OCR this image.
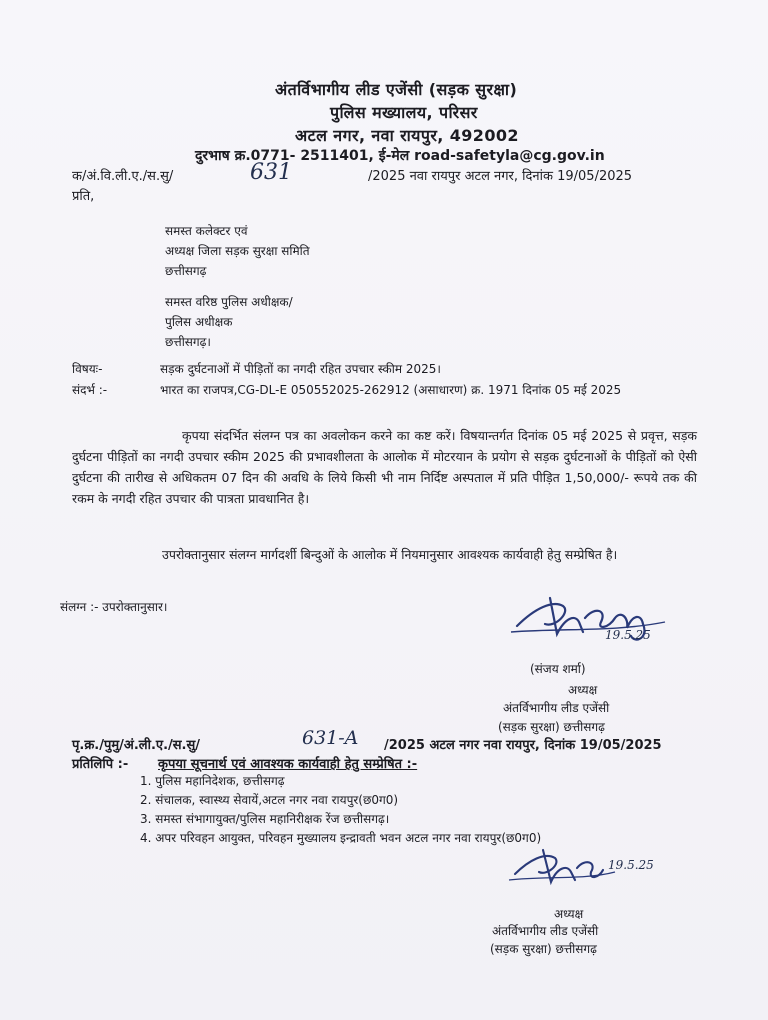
अंतर्विभागीय लीड एजेंसी (सड़क सुरक्षा)
पुलिस मख्यालय, परिसर
अटल नगर, नवा रायपुर, 492002
दुरभाष क्र.0771- 2511401, ई-मेल road-safetyla@cg.gov.in
क/अं.वि.ली.ए./स.सु/	631	/2025 नवा रायपुर अटल नगर, दिनांक 19/05/2025
प्रति,
समस्त कलेक्टर एवं
अध्यक्ष जिला सड़क सुरक्षा समिति
छत्तीसगढ़
समस्त वरिष्ठ पुलिस अधीक्षक/
पुलिस अधीक्षक
छत्तीसगढ़।
विषयः-	सड़क दुर्घटनाओं में पीड़ितों का नगदी रहित उपचार स्कीम 2025।
संदर्भ :-	भारत का राजपत्र,CG-DL-E 050552025-262912 (असाधारण) क्र. 1971 दिनांक 05 मई 2025
कृपया संदर्भित संलग्न पत्र का अवलोकन करने का कष्ट करें। विषयान्तर्गत दिनांक 05 मई 2025 से प्रवृत्त, सड़क दुर्घटना पीड़ितों का नगदी उपचार स्कीम 2025 की प्रभावशीलता के आलोक में मोटरयान के प्रयोग से सड़क दुर्घटनाओं के पीड़ितों को ऐसी दुर्घटना की तारीख से अधिकतम 07 दिन की अवधि के लिये किसी भी नाम निर्दिष्ट अस्पताल में प्रति पीड़ित 1,50,000/- रूपये तक की रकम के नगदी रहित उपचार की पात्रता प्रावधानित है।
उपरोक्तानुसार संलग्न मार्गदर्शी बिन्दुओं के आलोक में नियमानुसार आवश्यक कार्यवाही हेतु सम्प्रेषित है।
संलग्न :- उपरोक्तानुसार।
19.5.25
(संजय शर्मा)
अध्यक्ष
अंतर्विभागीय लीड एजेंसी
(सड़क सुरक्षा) छत्तीसगढ़
पृ.क्र./पुमु/अं.ली.ए./स.सु/	631-A /2025 अटल नगर नवा रायपुर, दिनांक 19/05/2025
प्रतिलिपि :- कृपया सूचनार्थ एवं आवश्यक कार्यवाही हेतु सम्प्रेषित :-
1. पुलिस महानिदेशक, छत्तीसगढ़
2. संचालक, स्वास्थ्य सेवायें,अटल नगर नवा रायपुर(छ0ग0)
3. समस्त संभागायुक्त/पुलिस महानिरीक्षक रेंज छत्तीसगढ़।
4. अपर परिवहन आयुक्त, परिवहन मुख्यालय इन्द्रावती भवन अटल नगर नवा रायपुर(छ0ग0)
19.5.25
अध्यक्ष
अंतर्विभागीय लीड एजेंसी
(सड़क सुरक्षा) छत्तीसगढ़
